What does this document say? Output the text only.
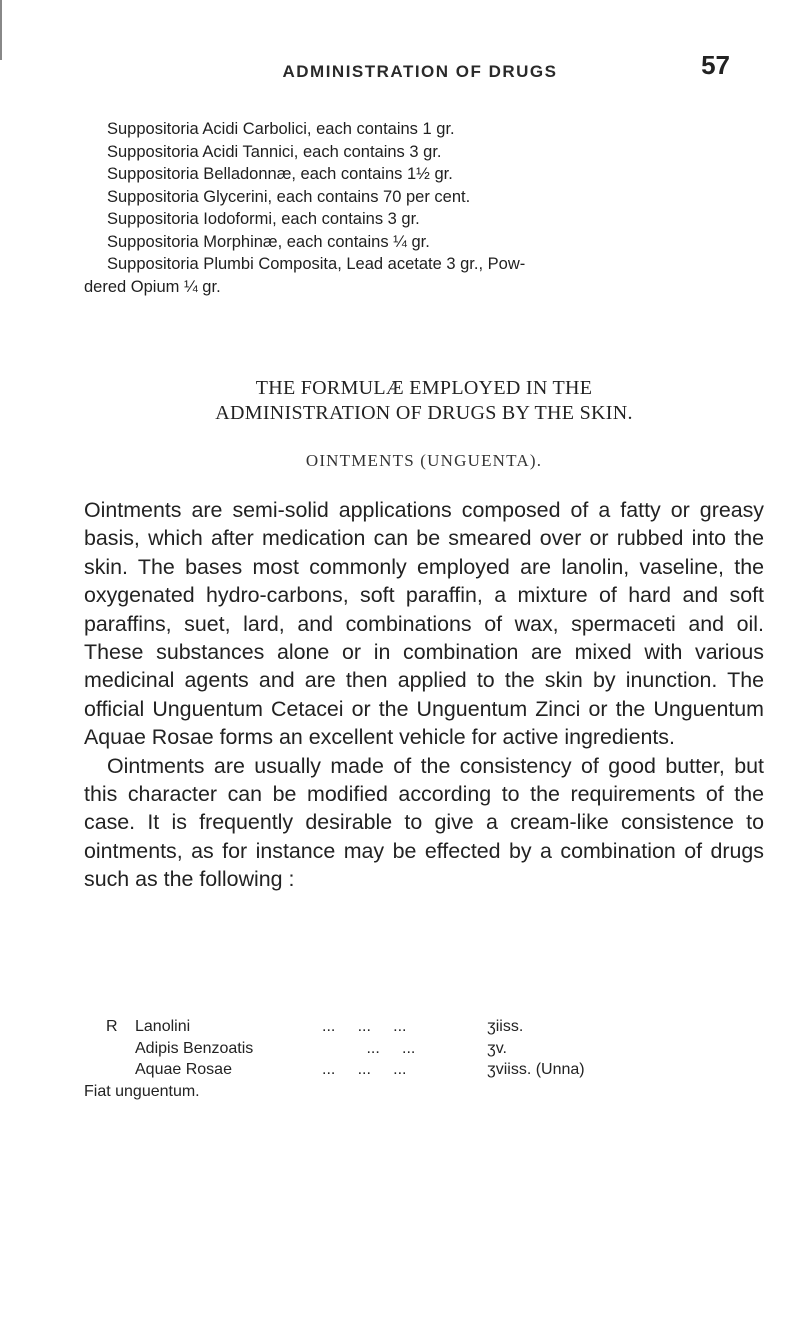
ADMINISTRATION OF DRUGS	57
Suppositoria Acidi Carbolici, each contains 1 gr.
Suppositoria Acidi Tannici, each contains 3 gr.
Suppositoria Belladonnæ, each contains 1½ gr.
Suppositoria Glycerini, each contains 70 per cent.
Suppositoria Iodoformi, each contains 3 gr.
Suppositoria Morphinæ, each contains ¼ gr.
Suppositoria Plumbi Composita, Lead acetate 3 gr., Pow-
dered Opium ¼ gr.
THE FORMULÆ EMPLOYED IN THE
ADMINISTRATION OF DRUGS BY THE SKIN.
OINTMENTS (UNGUENTA).

Ointments are semi-solid applications composed of a fatty or greasy basis, which after medication can be smeared over or rubbed into the skin. The bases most commonly employed are lanolin, vaseline, the oxygenated hydro-carbons, soft paraffin, a mixture of hard and soft paraffins, suet, lard, and combinations of wax, spermaceti and oil. These substances alone or in combination are mixed with various medicinal agents and are then applied to the skin by inunction. The official Unguentum Cetacei or the Unguentum Zinci or the Unguentum Aquae Rosae forms an excellent vehicle for active ingredients.

Ointments are usually made of the consistency of good butter, but this character can be modified according to the requirements of the case. It is frequently desirable to give a cream-like consistence to ointments, as for instance may be effected by a combination of drugs such as the following :

R Lanolini	...     ...     ...	ʒiiss.
Adipis Benzoatis	...     ...	ʒv.
Aquae Rosae	...     ...     ...	ʒviiss. (Unna)
Fiat unguentum.
